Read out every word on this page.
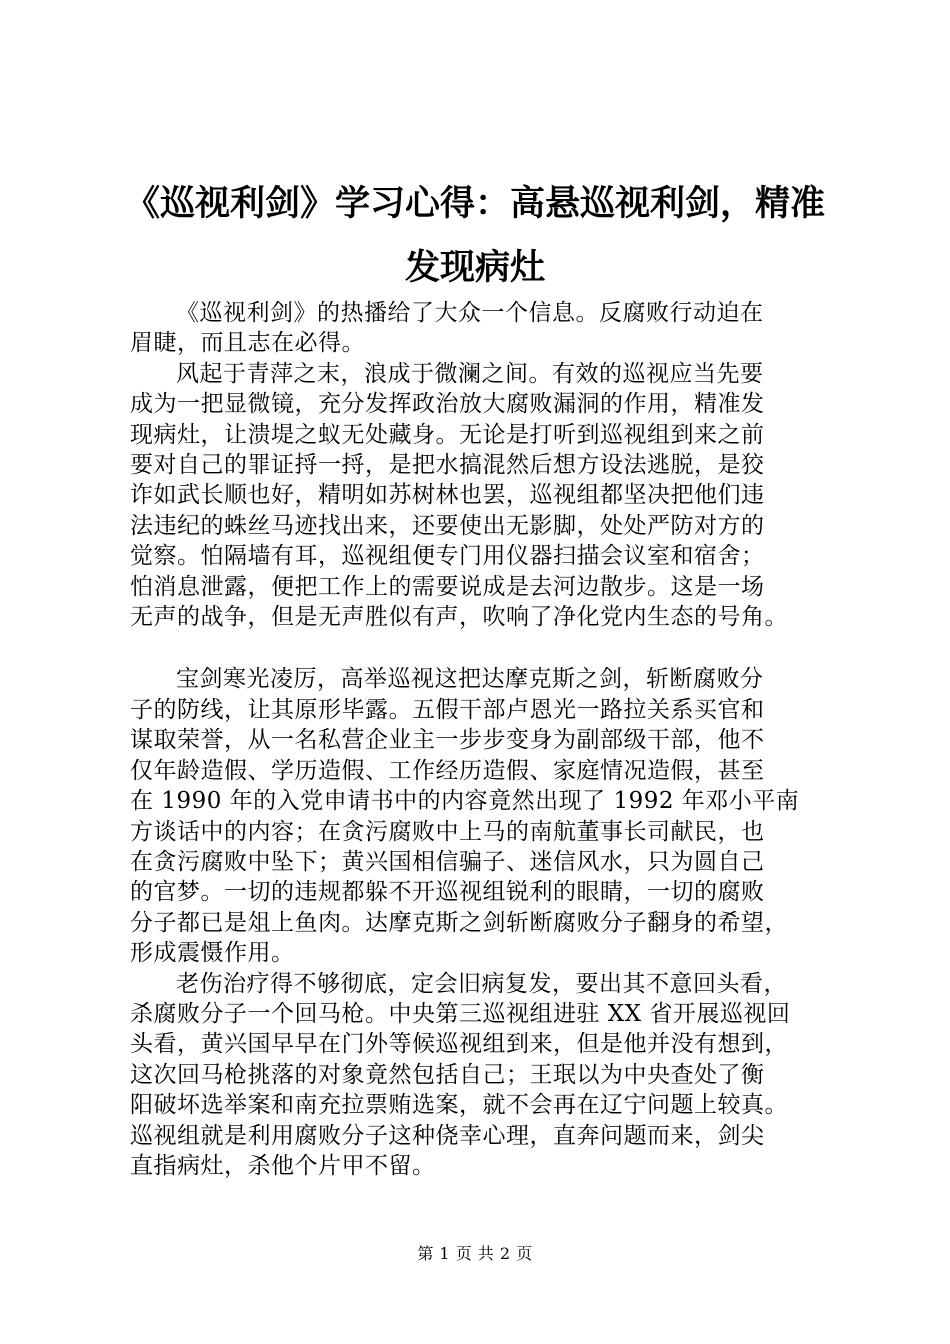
《巡视利剑》学习心得：高悬巡视利剑，精准
发现病灶
《巡视利剑》的热播给了大众一个信息。反腐败行动迫在
眉睫，而且志在必得。
风起于青萍之末，浪成于微澜之间。有效的巡视应当先要
成为一把显微镜，充分发挥政治放大腐败漏洞的作用，精准发
现病灶，让溃堤之蚁无处藏身。无论是打听到巡视组到来之前
要对自己的罪证捋一捋，是把水搞混然后想方设法逃脱，是狡
诈如武长顺也好，精明如苏树林也罢，巡视组都坚决把他们违
法违纪的蛛丝马迹找出来，还要使出无影脚，处处严防对方的
觉察。怕隔墙有耳，巡视组便专门用仪器扫描会议室和宿舍；
怕消息泄露，便把工作上的需要说成是去河边散步。这是一场
无声的战争，但是无声胜似有声，吹响了净化党内生态的号角。
宝剑寒光凌厉，高举巡视这把达摩克斯之剑，斩断腐败分
子的防线，让其原形毕露。五假干部卢恩光一路拉关系买官和
谋取荣誉，从一名私营企业主一步步变身为副部级干部，他不
仅年龄造假、学历造假、工作经历造假、家庭情况造假，甚至
在 1990 年的入党申请书中的内容竟然出现了 1992 年邓小平南
方谈话中的内容；在贪污腐败中上马的南航董事长司献民，也
在贪污腐败中坠下；黄兴国相信骗子、迷信风水，只为圆自己
的官梦。一切的违规都躲不开巡视组锐利的眼睛，一切的腐败
分子都已是俎上鱼肉。达摩克斯之剑斩断腐败分子翻身的希望，
形成震慑作用。
老伤治疗得不够彻底，定会旧病复发，要出其不意回头看，
杀腐败分子一个回马枪。中央第三巡视组进驻 XX 省开展巡视回
头看，黄兴国早早在门外等候巡视组到来，但是他并没有想到，
这次回马枪挑落的对象竟然包括自己；王珉以为中央查处了衡
阳破坏选举案和南充拉票贿选案，就不会再在辽宁问题上较真。
巡视组就是利用腐败分子这种侥幸心理，直奔问题而来，剑尖
直指病灶，杀他个片甲不留。
第 1 页 共 2 页
